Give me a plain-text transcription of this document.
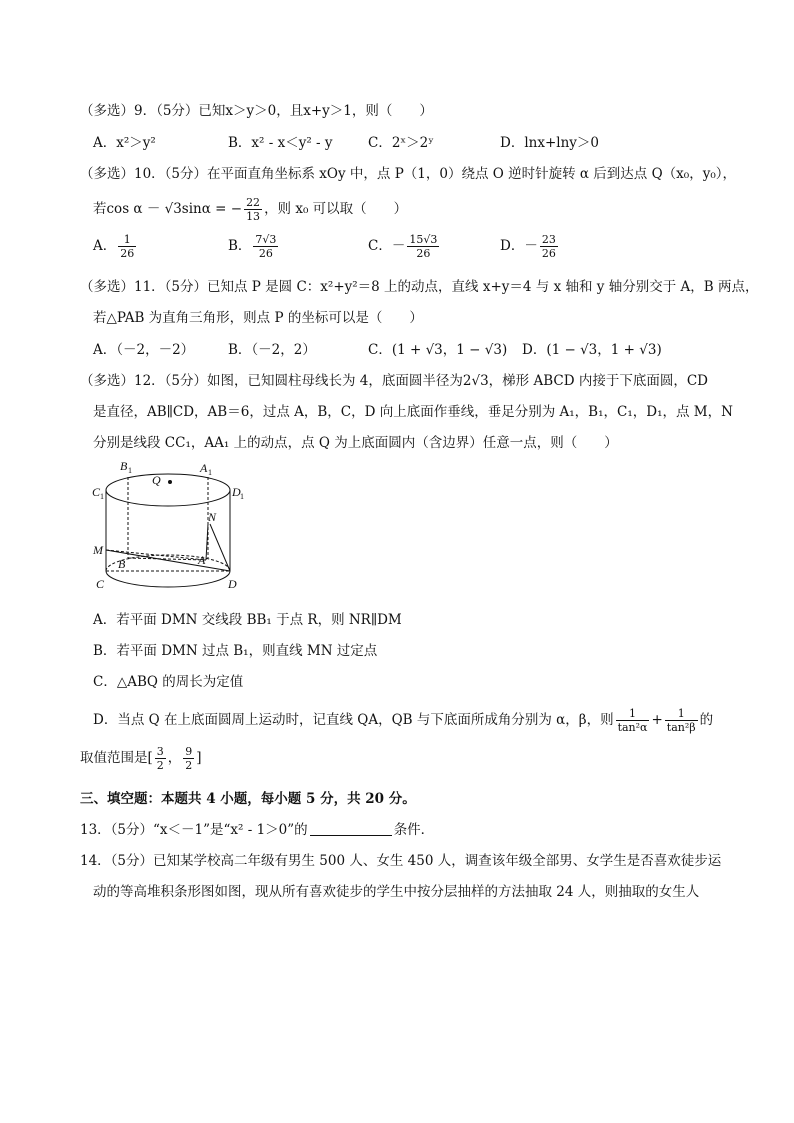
（多选）9．（5分）已知x＞y＞0，且x+y＞1，则（　　）
A．x²＞y²	B．x² - x＜y² - y	C．2ˣ＞2ʸ	D．lnx+lny＞0
（多选）10．（5分）在平面直角坐标系 xOy 中，点 P（1，0）绕点 O 逆时针旋转 α 后到达点 Q（x₀，y₀），
若cos α － √3sinα = − $\frac{22}{13}$ ，则 x₀ 可以取（　　）
A． $\frac{1}{26}$	B． $\frac{7√3}{26}$	C．－ $\frac{15√3}{26}$	D．－ $\frac{23}{26}$
（多选）11．（5分）已知点 P 是圆 C：x²+y²＝8 上的动点，直线 x+y＝4 与 x 轴和 y 轴分别交于 A，B 两点，
若△PAB 为直角三角形，则点 P 的坐标可以是（　　）
A．（－2，－2）	B．（－2，2）	C．(1 + √3，1 − √3) D．(1 − √3，1 + √3)
（多选）12．（5分）如图，已知圆柱母线长为 4，底面圆半径为2√3，梯形 ABCD 内接于下底面圆，CD
是直径，AB∥CD，AB＝6，过点 A，B，C，D 向上底面作垂线，垂足分别为 A₁，B₁，C₁，D₁，点 M，N
分别是线段 CC₁，AA₁ 上的动点，点 Q 为上底面圆内（含边界）任意一点，则（　　）
B 1	A 1
Q
C 1	D 1
N
M
B	A
C	D
A．若平面 DMN 交线段 BB₁ 于点 R，则 NR∥DM
B．若平面 DMN 过点 B₁，则直线 MN 过定点
C．△ABQ 的周长为定值
D．当点 Q 在上底面圆周上运动时，记直线 QA，QB 与下底面所成角分别为 α，β，则 $\frac{1}{\text{tan²α}} + \frac{1}{\text{tan²β}}$ 的
取值范围是[ $\frac{3}{2}$ ， $\frac{9}{2}$ ]
三、填空题：本题共 4 小题，每小题 5 分，共 20 分。
13．（5分）“x＜－1”是“x² - 1＞0”的	条件．
14．（5分）已知某学校高二年级有男生 500 人、女生 450 人，调查该年级全部男、女学生是否喜欢徒步运
动的等高堆积条形图如图，现从所有喜欢徒步的学生中按分层抽样的方法抽取 24 人，则抽取的女生人
